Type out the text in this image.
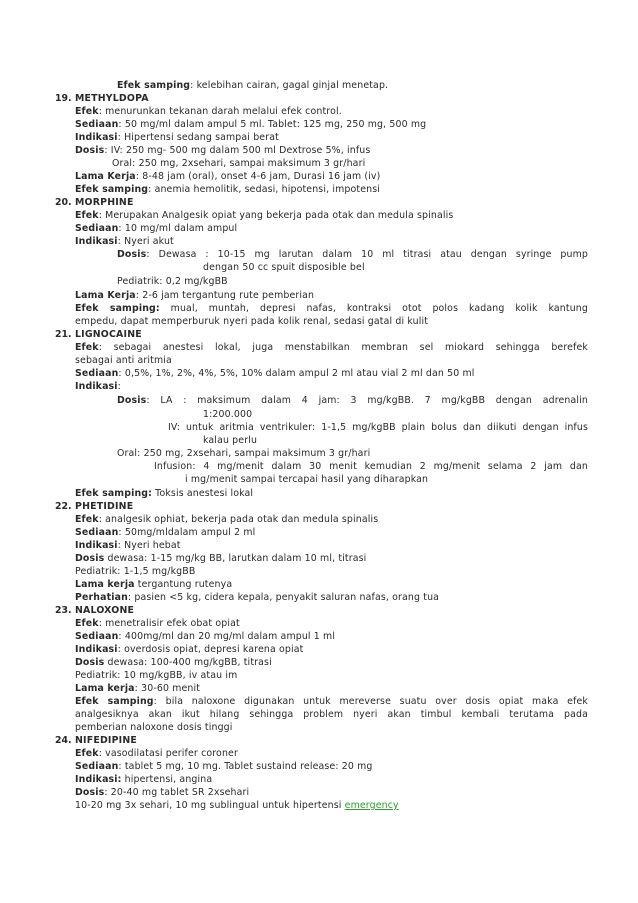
Efek samping: kelebihan cairan, gagal ginjal menetap.
19. METHYLDOPA
Efek: menurunkan tekanan darah melalui efek control.
Sediaan: 50 mg/ml dalam ampul 5 ml. Tablet: 125 mg, 250 mg, 500 mg
Indikasi: Hipertensi sedang sampai berat
Dosis: IV: 250 mg- 500 mg dalam 500 ml Dextrose 5%, infus
Oral: 250 mg, 2xsehari, sampai maksimum 3 gr/hari
Lama Kerja: 8-48 jam (oral), onset 4-6 jam, Durasi 16 jam (iv)
Efek samping: anemia hemolitik, sedasi, hipotensi, impotensi
20. MORPHINE
Efek: Merupakan Analgesik opiat yang bekerja pada otak dan medula spinalis
Sediaan: 10 mg/ml dalam ampul
Indikasi: Nyeri akut
Dosis: Dewasa : 10-15 mg larutan dalam 10 ml titrasi atau dengan syringe pump
dengan 50 cc spuit disposible bel
Pediatrik: 0,2 mg/kgBB
Lama Kerja: 2-6 jam tergantung rute pemberian
Efek samping: mual, muntah, depresi nafas, kontraksi otot polos kadang kolik kantung
empedu, dapat memperburuk nyeri pada kolik renal, sedasi gatal di kulit
21. LIGNOCAINE
Efek: sebagai anestesi lokal, juga menstabilkan membran sel miokard sehingga berefek
sebagai anti aritmia
Sediaan: 0,5%, 1%, 2%, 4%, 5%, 10% dalam ampul 2 ml atau vial 2 ml dan 50 ml
Indikasi:
Dosis: LA : maksimum dalam 4 jam: 3 mg/kgBB. 7 mg/kgBB dengan adrenalin
1:200.000
IV: untuk aritmia ventrikuler: 1-1,5 mg/kgBB plain bolus dan diikuti dengan infus
kalau perlu
Oral: 250 mg, 2xsehari, sampai maksimum 3 gr/hari
Infusion: 4 mg/menit dalam 30 menit kemudian 2 mg/menit selama 2 jam dan
i mg/menit sampai tercapai hasil yang diharapkan
Efek samping: Toksis anestesi lokal
22. PHETIDINE
Efek: analgesik ophiat, bekerja pada otak dan medula spinalis
Sediaan: 50mg/mldalam ampul 2 ml
Indikasi: Nyeri hebat
Dosis dewasa: 1-15 mg/kg BB, larutkan dalam 10 ml, titrasi
Pediatrik: 1-1,5 mg/kgBB
Lama kerja tergantung rutenya
Perhatian: pasien <5 kg, cidera kepala, penyakit saluran nafas, orang tua
23. NALOXONE
Efek: menetralisir efek obat opiat
Sediaan: 400mg/ml dan 20 mg/ml dalam ampul 1 ml
Indikasi: overdosis opiat, depresi karena opiat
Dosis dewasa: 100-400 mg/kgBB, titrasi
Pediatrik: 10 mg/kgBB, iv atau im
Lama kerja: 30-60 menit
Efek samping: bila naloxone digunakan untuk mereverse suatu over dosis opiat maka efek
analgesiknya akan ikut hilang sehingga problem nyeri akan timbul kembali terutama pada
pemberian naloxone dosis tinggi
24. NIFEDIPINE
Efek: vasodilatasi perifer coroner
Sediaan: tablet 5 mg, 10 mg. Tablet sustaind release: 20 mg
Indikasi: hipertensi, angina
Dosis: 20-40 mg tablet SR 2xsehari
10-20 mg 3x sehari, 10 mg sublingual untuk hipertensi emergency
